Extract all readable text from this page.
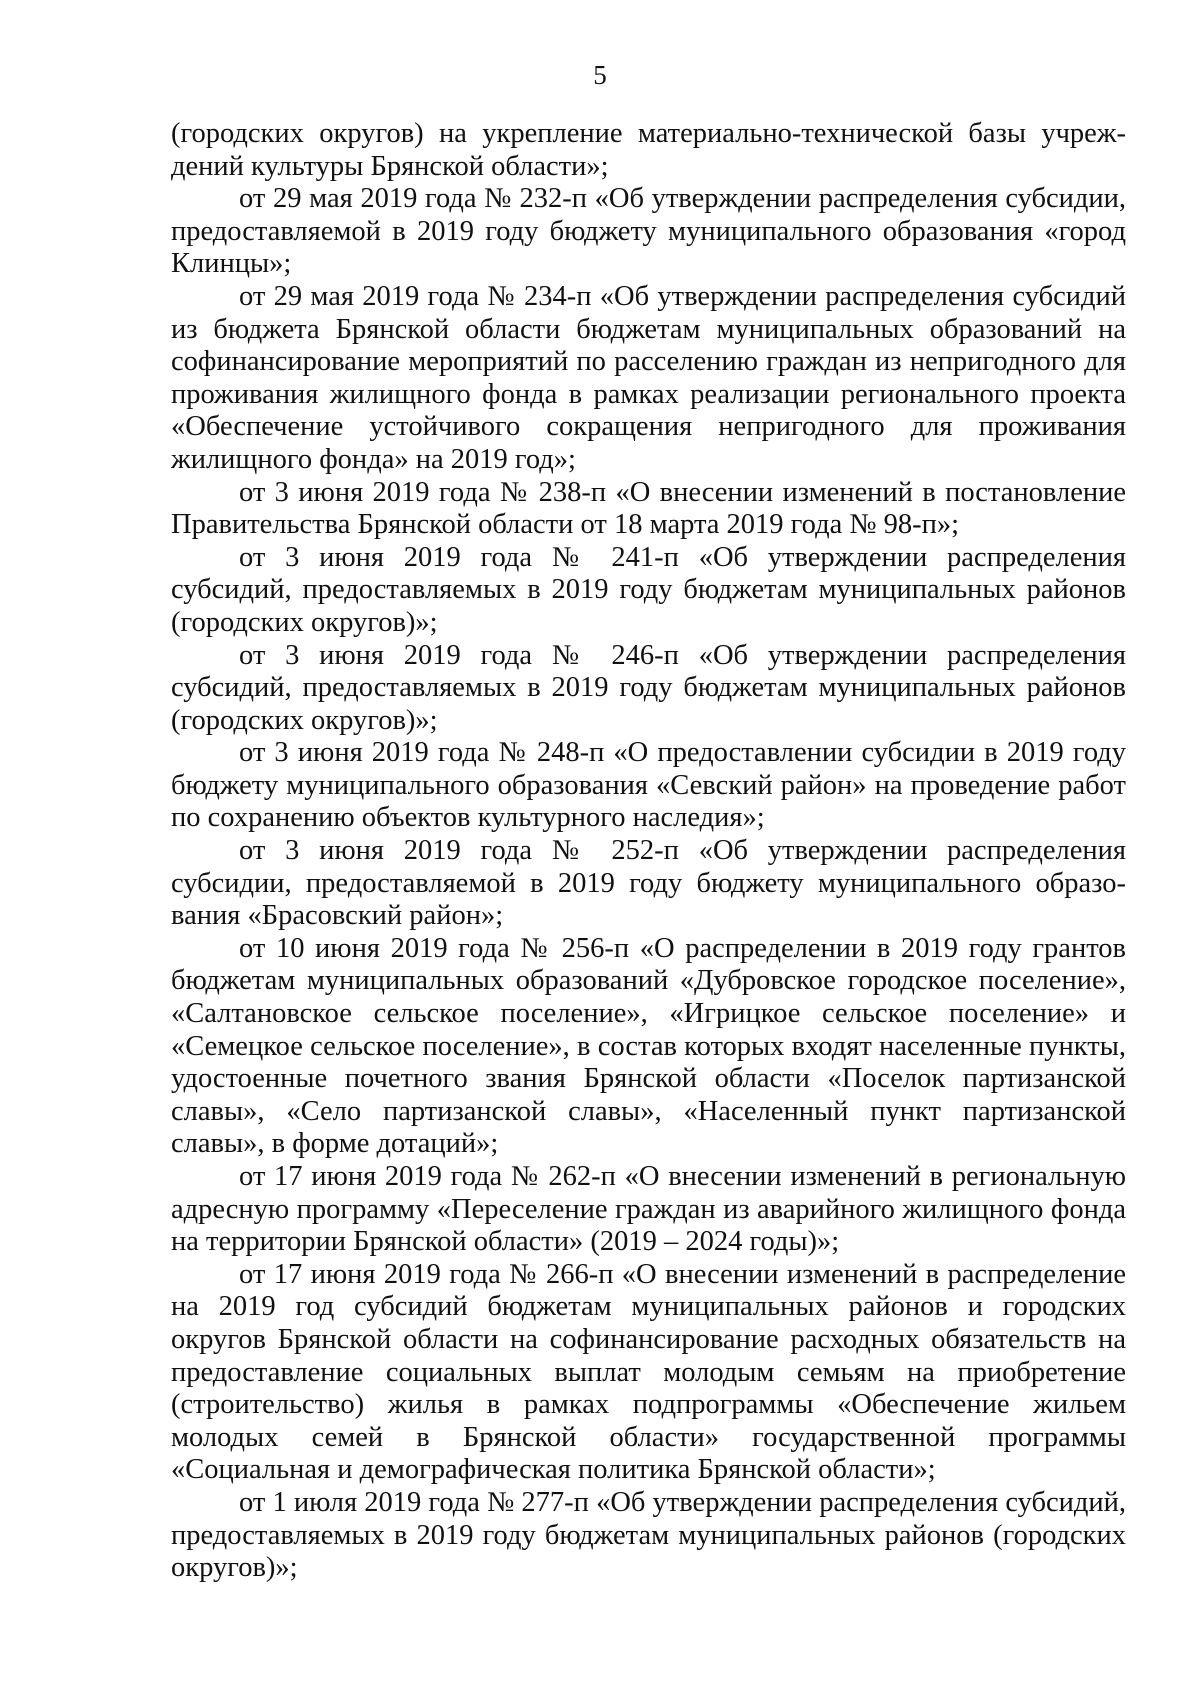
5

(городских округов) на укрепление материально-технической базы учреждений культуры Брянской области»;

от 29 мая 2019 года № 232-п «Об утверждении распределения субсидии, предоставляемой в 2019 году бюджету муниципального образования «город Клинцы»;

от 29 мая 2019 года № 234-п «Об утверждении распределения субсидий из бюджета Брянской области бюджетам муниципальных образований на софинансирование мероприятий по расселению граждан из непригодного для проживания жилищного фонда в рамках реализации регионального проекта «Обеспечение устойчивого сокращения непригодного для проживания жилищного фонда» на 2019 год»;

от 3 июня 2019 года № 238-п «О внесении изменений в постановление Правительства Брянской области от 18 марта 2019 года № 98-п»;

от 3 июня 2019 года № 241-п «Об утверждении распределения субсидий, предоставляемых в 2019 году бюджетам муниципальных районов (городских округов)»;

от 3 июня 2019 года № 246-п «Об утверждении распределения субсидий, предоставляемых в 2019 году бюджетам муниципальных районов (городских округов)»;

от 3 июня 2019 года № 248-п «О предоставлении субсидии в 2019 году бюджету муниципального образования «Севский район» на проведение работ по сохранению объектов культурного наследия»;

от 3 июня 2019 года № 252-п «Об утверждении распределения субсидии, предоставляемой в 2019 году бюджету муниципального образования «Брасовский район»;

от 10 июня 2019 года № 256-п «О распределении в 2019 году грантов бюджетам муниципальных образований «Дубровское городское поселение», «Салтановское сельское поселение», «Игрицкое сельское поселение» и «Семецкое сельское поселение», в состав которых входят населенные пункты, удостоенные почетного звания Брянской области «Поселок партизанской славы», «Село партизанской славы», «Населенный пункт партизанской славы», в форме дотаций»;

от 17 июня 2019 года № 262-п «О внесении изменений в региональную адресную программу «Переселение граждан из аварийного жилищного фонда на территории Брянской области» (2019 – 2024 годы)»;

от 17 июня 2019 года № 266-п «О внесении изменений в распределение на 2019 год субсидий бюджетам муниципальных районов и городских округов Брянской области на софинансирование расходных обязательств на предоставление социальных выплат молодым семьям на приобретение (строительство) жилья в рамках подпрограммы «Обеспечение жильем молодых семей в Брянской области» государственной программы «Социальная и демографическая политика Брянской области»;

от 1 июля 2019 года № 277-п «Об утверждении распределения субсидий, предоставляемых в 2019 году бюджетам муниципальных районов (городских округов)»;
